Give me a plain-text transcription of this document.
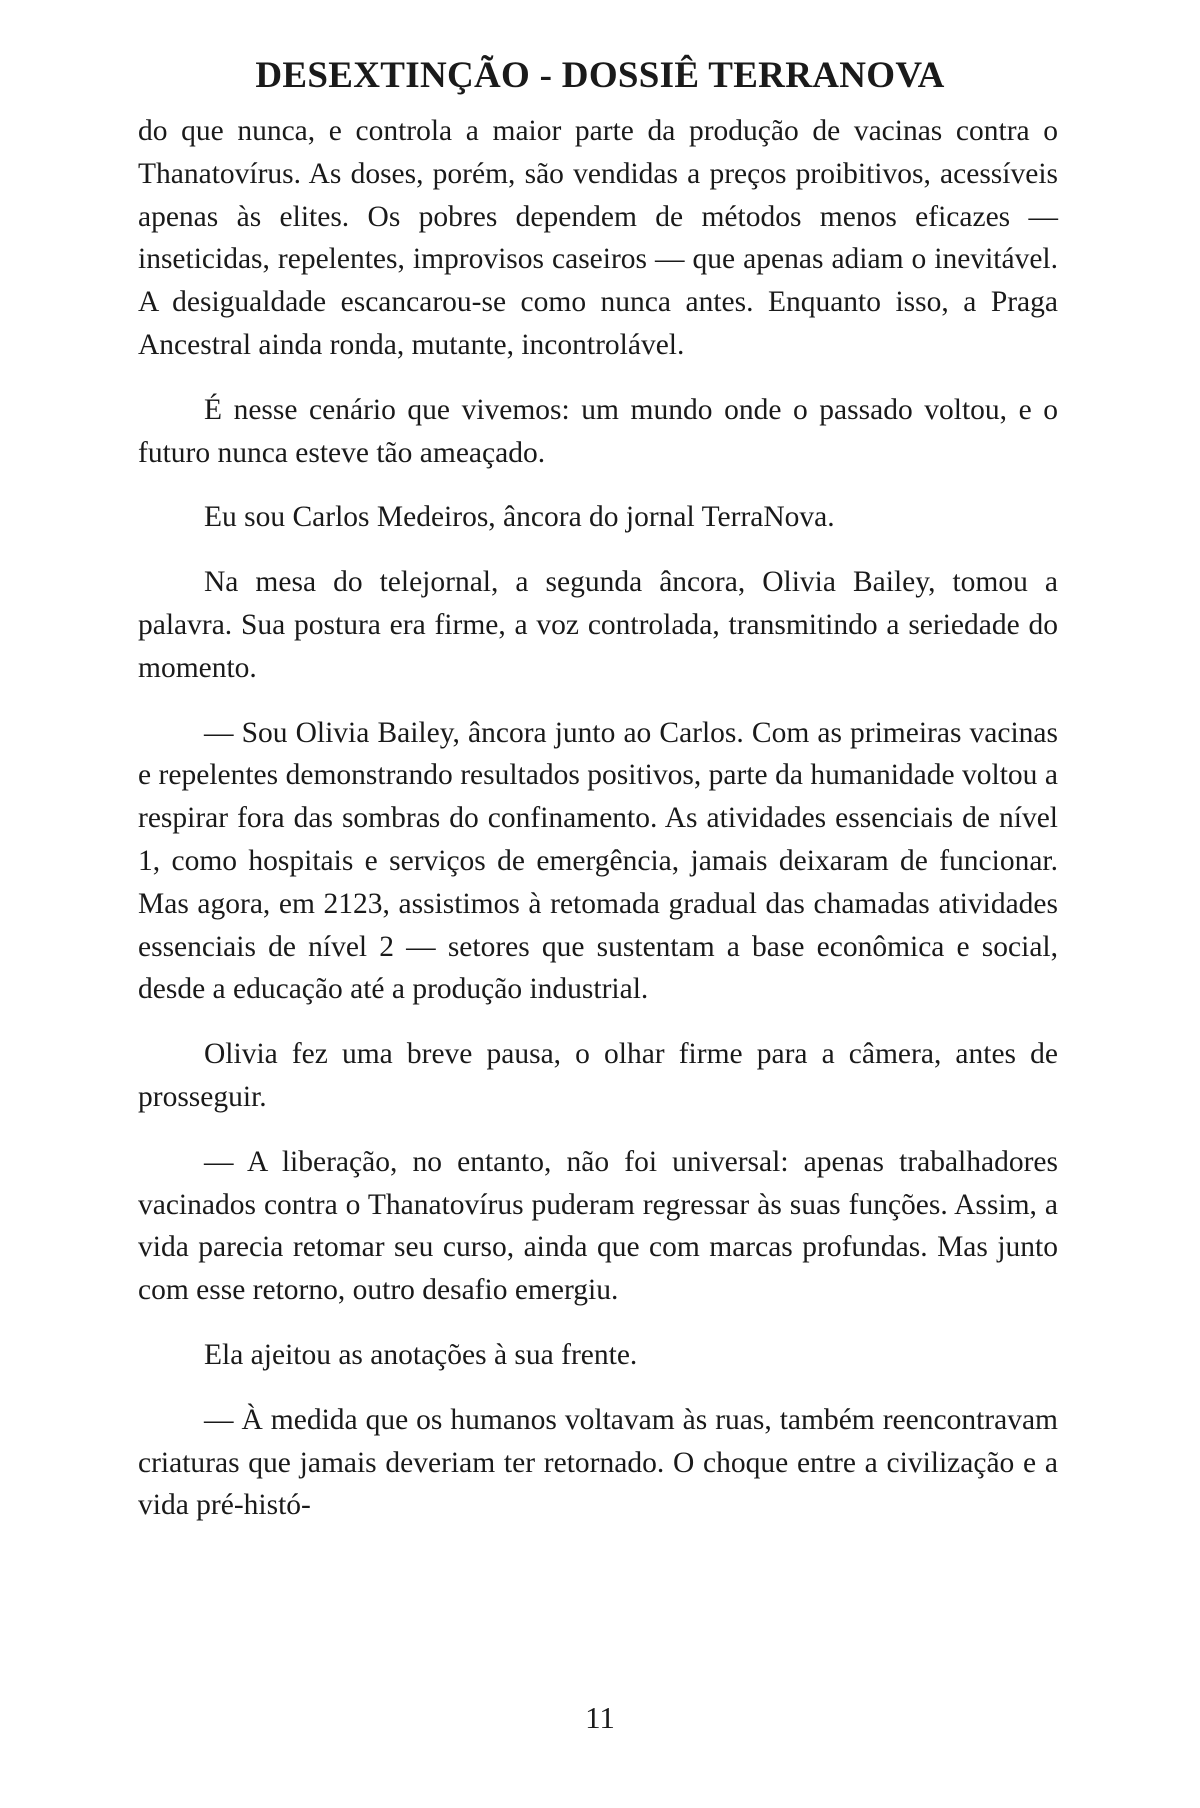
DESEXTINÇÃO - DOSSIÊ TERRANOVA

do que nunca, e controla a maior parte da produção de vacinas contra o Thanatovírus. As doses, porém, são vendidas a preços proibitivos, acessíveis apenas às elites. Os pobres dependem de métodos menos eficazes — inseticidas, repelentes, improvisos caseiros — que apenas adiam o inevitável. A desigualdade escancarou-se como nunca antes. Enquanto isso, a Praga Ancestral ainda ronda, mutante, incontrolável.

É nesse cenário que vivemos: um mundo onde o passado voltou, e o futuro nunca esteve tão ameaçado.

Eu sou Carlos Medeiros, âncora do jornal TerraNova.

Na mesa do telejornal, a segunda âncora, Olivia Bailey, tomou a palavra. Sua postura era firme, a voz controlada, transmitindo a seriedade do momento.

— Sou Olivia Bailey, âncora junto ao Carlos. Com as primeiras vacinas e repelentes demonstrando resultados positivos, parte da humanidade voltou a respirar fora das sombras do confinamento. As atividades essenciais de nível 1, como hospitais e serviços de emergência, jamais deixaram de funcionar. Mas agora, em 2123, assistimos à retomada gradual das chamadas atividades essenciais de nível 2 — setores que sustentam a base econômica e social, desde a educação até a produção industrial.

Olivia fez uma breve pausa, o olhar firme para a câmera, antes de prosseguir.

— A liberação, no entanto, não foi universal: apenas trabalhadores vacinados contra o Thanatovírus puderam regressar às suas funções. Assim, a vida parecia retomar seu curso, ainda que com marcas profundas. Mas junto com esse retorno, outro desafio emergiu.

Ela ajeitou as anotações à sua frente.

— À medida que os humanos voltavam às ruas, também reencontravam criaturas que jamais deveriam ter retornado. O choque entre a civilização e a vida pré-histó-

11
